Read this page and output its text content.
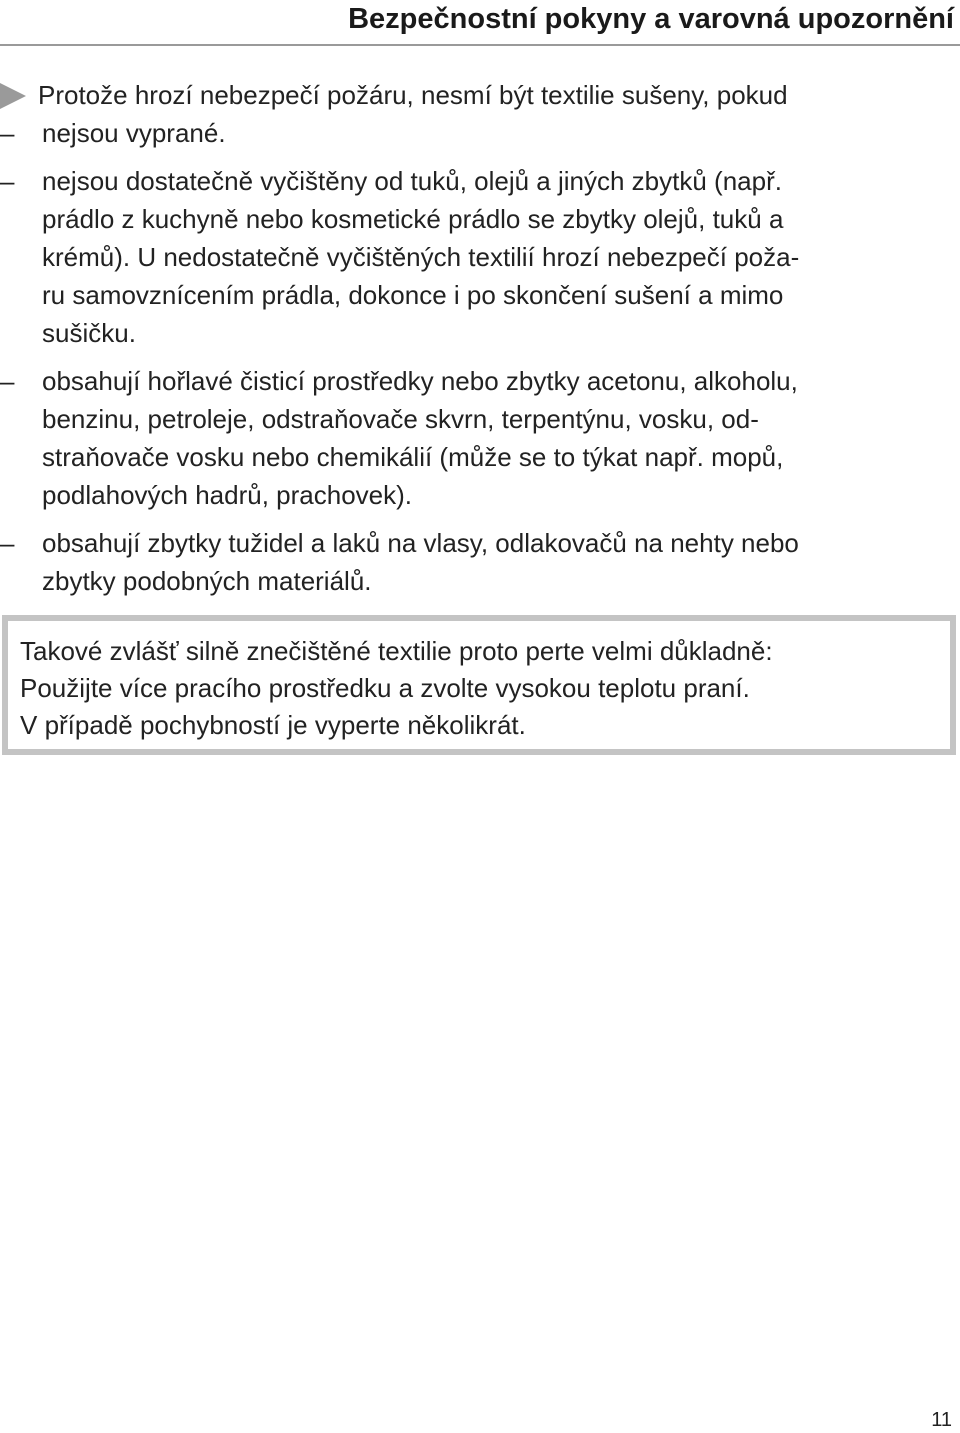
Bezpečnostní pokyny a varovná upozornění

Protože hrozí nebezpečí požáru, nesmí být textilie sušeny, pokud

–	nejsou vyprané.
–	nejsou dostatečně vyčištěny od tuků, olejů a jiných zbytků (např.
prádlo z kuchyně nebo kosmetické prádlo se zbytky olejů, tuků a
krémů). U nedostatečně vyčištěných textilií hrozí nebezpečí poža-
ru samovznícením prádla, dokonce i po skončení sušení a mimo
sušičku.
–	obsahují hořlavé čisticí prostředky nebo zbytky acetonu, alkoholu,
benzinu, petroleje, odstraňovače skvrn, terpentýnu, vosku, od-
straňovače vosku nebo chemikálií (může se to týkat např. mopů,
podlahových hadrů, prachovek).
–	obsahují zbytky tužidel a laků na vlasy, odlakovačů na nehty nebo
zbytky podobných materiálů.
Takové zvlášť silně znečištěné textilie proto perte velmi důkladně:
Použijte více pracího prostředku a zvolte vysokou teplotu praní.
V případě pochybností je vyperte několikrát.
11
